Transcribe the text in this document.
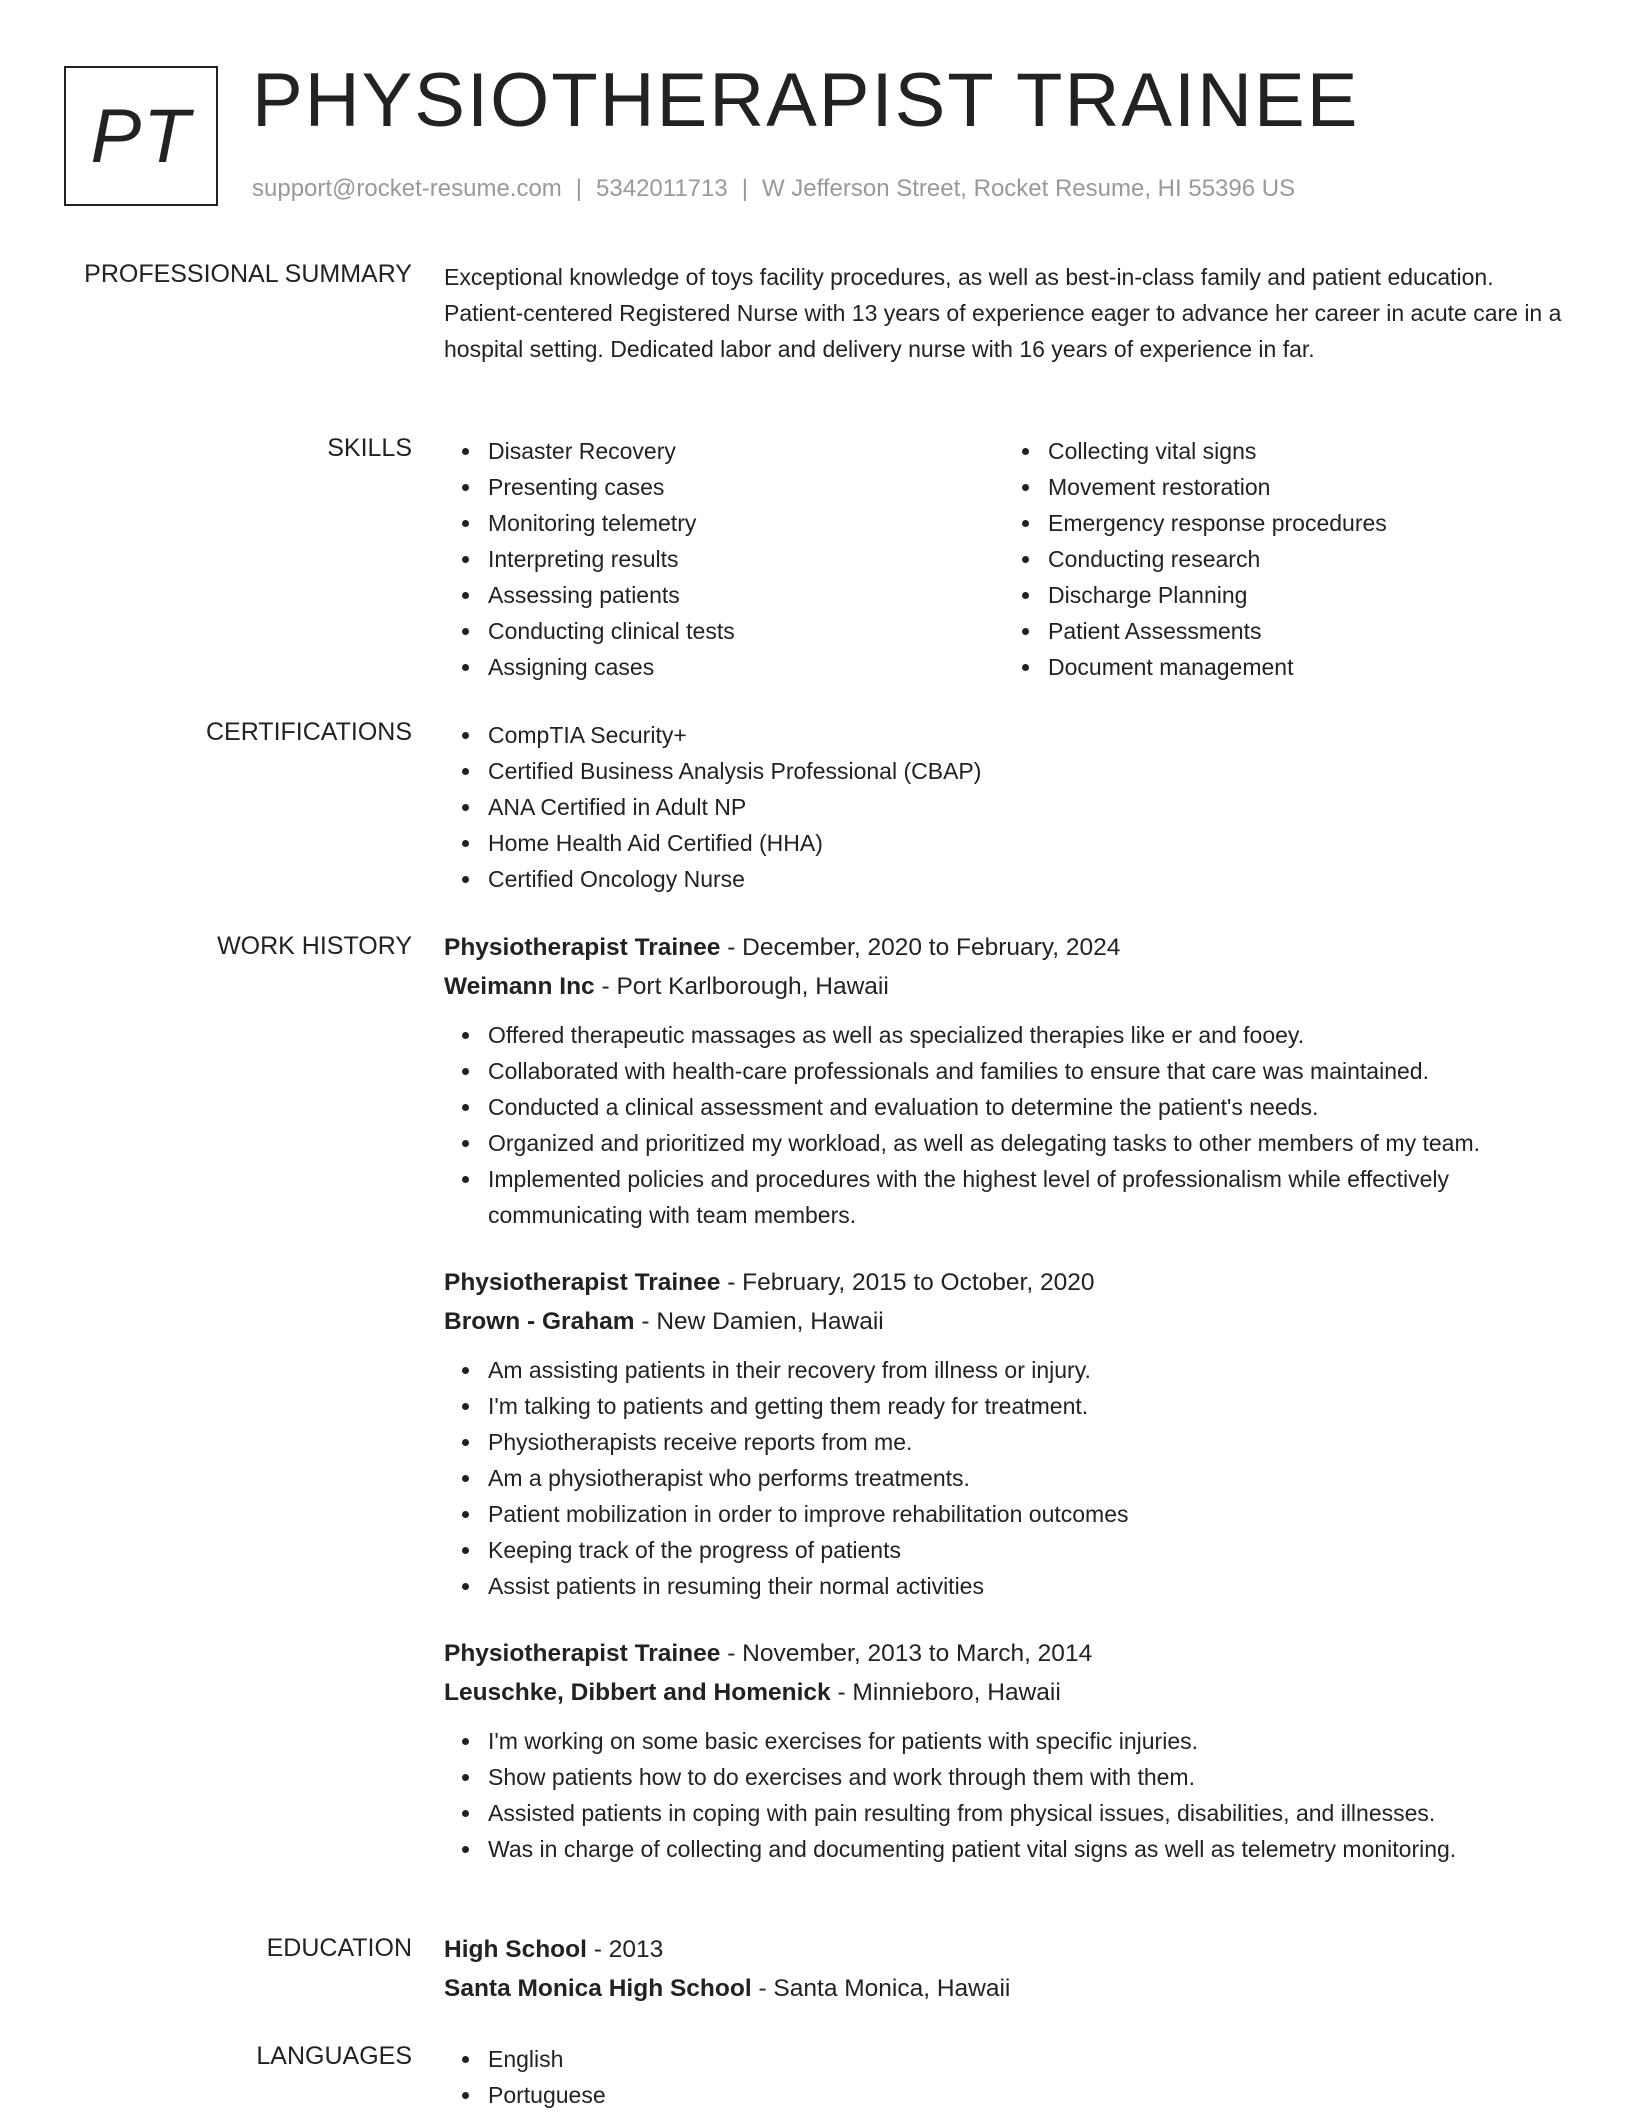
PT PHYSIOTHERAPIST TRAINEE
support@rocket-resume.com | 5342011713 | W Jefferson Street, Rocket Resume, HI 55396 US
PROFESSIONAL SUMMARY Exceptional knowledge of toys facility procedures, as well as best-in-class family and patient education. Patient-centered Registered Nurse with 13 years of experience eager to advance her career in acute care in a hospital setting. Dedicated labor and delivery nurse with 16 years of experience in far.

SKILLS	Disaster Recovery
Presenting cases
Monitoring telemetry
Interpreting results
Assessing patients
Conducting clinical tests
Assigning cases
Collecting vital signs
Movement restoration
Emergency response procedures
Conducting research
Discharge Planning
Patient Assessments
Document management
CERTIFICATIONS	CompTIA Security+
Certified Business Analysis Professional (CBAP)
ANA Certified in Adult NP
Home Health Aid Certified (HHA)
Certified Oncology Nurse
WORK HISTORY Physiotherapist Trainee - December, 2020 to February, 2024
Weimann Inc - Port Karlborough, Hawaii
Offered therapeutic massages as well as specialized therapies like er and fooey.
Collaborated with health-care professionals and families to ensure that care was maintained.
Conducted a clinical assessment and evaluation to determine the patient's needs.
Organized and prioritized my workload, as well as delegating tasks to other members of my team.
Implemented policies and procedures with the highest level of professionalism while effectively communicating with team members.
Physiotherapist Trainee - February, 2015 to October, 2020
Brown - Graham - New Damien, Hawaii
Am assisting patients in their recovery from illness or injury.
I'm talking to patients and getting them ready for treatment.
Physiotherapists receive reports from me.
Am a physiotherapist who performs treatments.
Patient mobilization in order to improve rehabilitation outcomes
Keeping track of the progress of patients
Assist patients in resuming their normal activities
Physiotherapist Trainee - November, 2013 to March, 2014
Leuschke, Dibbert and Homenick - Minnieboro, Hawaii
I'm working on some basic exercises for patients with specific injuries.
Show patients how to do exercises and work through them with them.
Assisted patients in coping with pain resulting from physical issues, disabilities, and illnesses.
Was in charge of collecting and documenting patient vital signs as well as telemetry monitoring.
EDUCATION High School - 2013
Santa Monica High School - Santa Monica, Hawaii
LANGUAGES	English
Portuguese
